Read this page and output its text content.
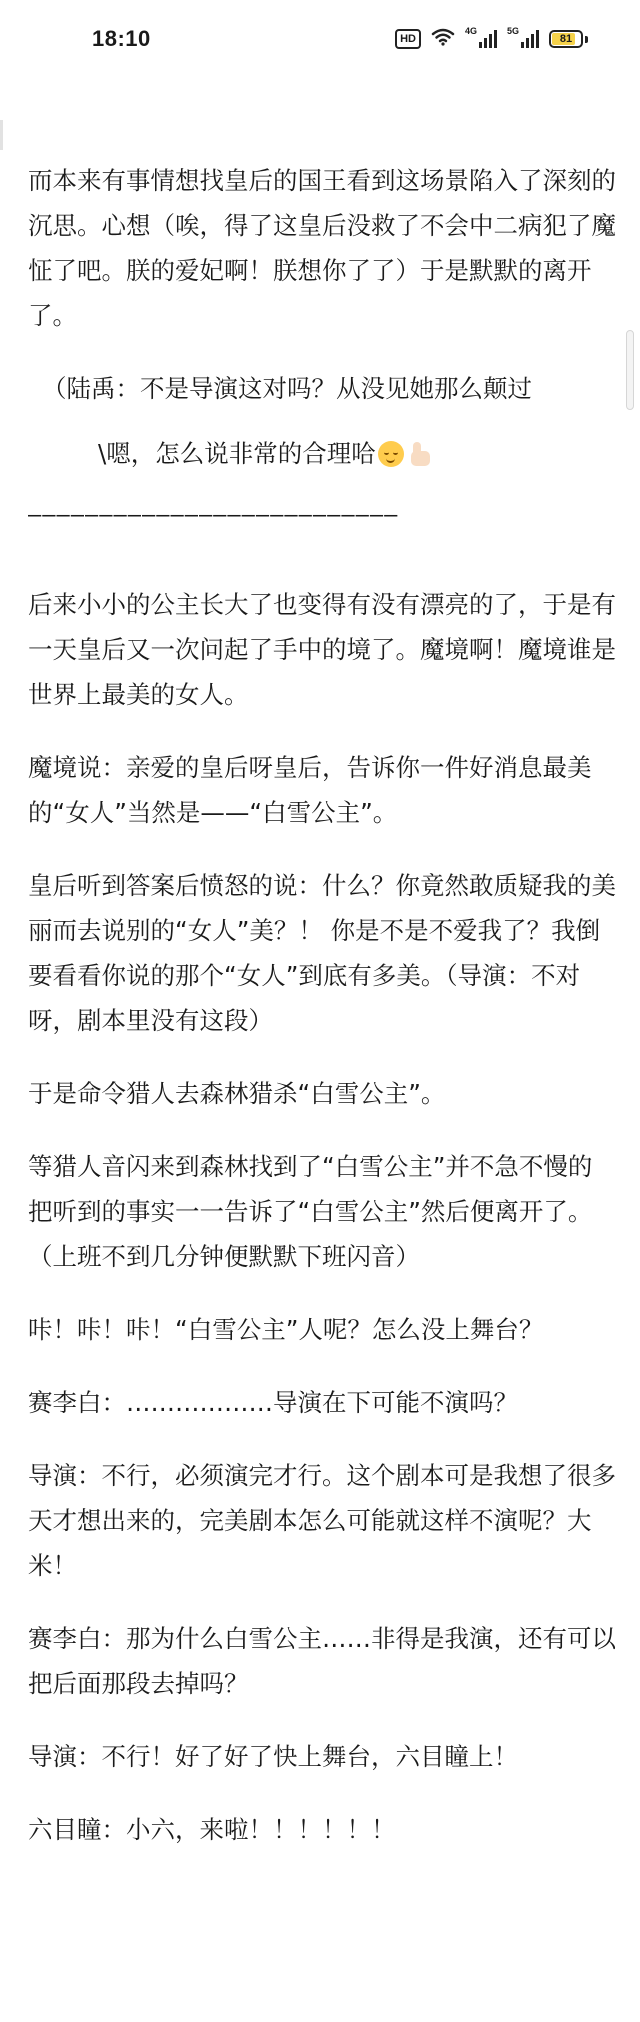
18:10	HD
4G	5G
81

而本来有事情想找皇后的国王看到这场景陷入了深刻的沉思。心想（唉，得了这皇后没救了不会中二病犯了魔怔了吧。朕的爱妃啊！朕想你了了）于是默默的离开了。

（陆禹：不是导演这对吗？从没见她那么颠过

\嗯，怎么说非常的合理哈

——————————————————————————

后来小小的公主长大了也变得有没有漂亮的了，于是有一天皇后又一次问起了手中的境了。魔境啊！魔境谁是世界上最美的女人。

魔境说：亲爱的皇后呀皇后，告诉你一件好消息最美的“女人”当然是——“白雪公主”。

皇后听到答案后愤怒的说：什么？你竟然敢质疑我的美丽而去说别的“女人”美？！ 你是不是不爱我了？我倒要看看你说的那个“女人”到底有多美。（导演：不对呀，剧本里没有这段）

于是命令猎人去森林猎杀“白雪公主”。

等猎人音闪来到森林找到了“白雪公主”并不急不慢的把听到的事实一一告诉了“白雪公主”然后便离开了。（上班不到几分钟便默默下班闪音）

咔！咔！咔！“白雪公主”人呢？怎么没上舞台？

赛李白：………………导演在下可能不演吗？

导演：不行，必须演完才行。这个剧本可是我想了很多天才想出来的，完美剧本怎么可能就这样不演呢？大米！

赛李白：那为什么白雪公主……非得是我演，还有可以把后面那段去掉吗？

导演：不行！好了好了快上舞台，六目瞳上！

六目瞳：小六，来啦！！！！！！
